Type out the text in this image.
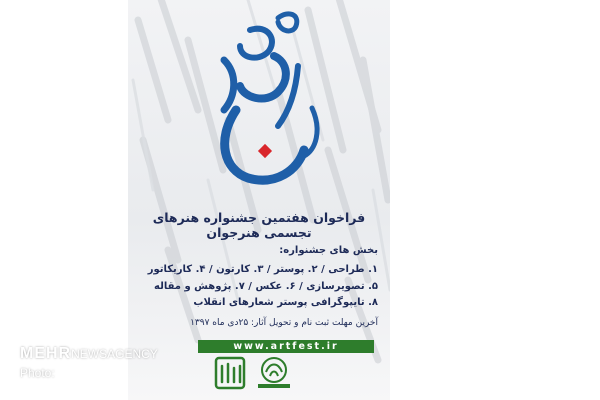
فراخوان هفتمین جشنواره هنرهای تجسمی هنرجوان
بخش های جشنواره:
۱. طراحی / ۲. پوستر / ۳. کارتون / ۴. کاریکاتور
۵. تصویرسازی / ۶. عکس / ۷. پژوهش و مقاله
۸. تایپوگرافی پوستر شعارهای انقلاب
آخرین مهلت ثبت نام و تحویل آثار: ۲۵دی ماه ۱۳۹۷
www.artfest.ir
MEHRNEWSAGENCY
Photo:
